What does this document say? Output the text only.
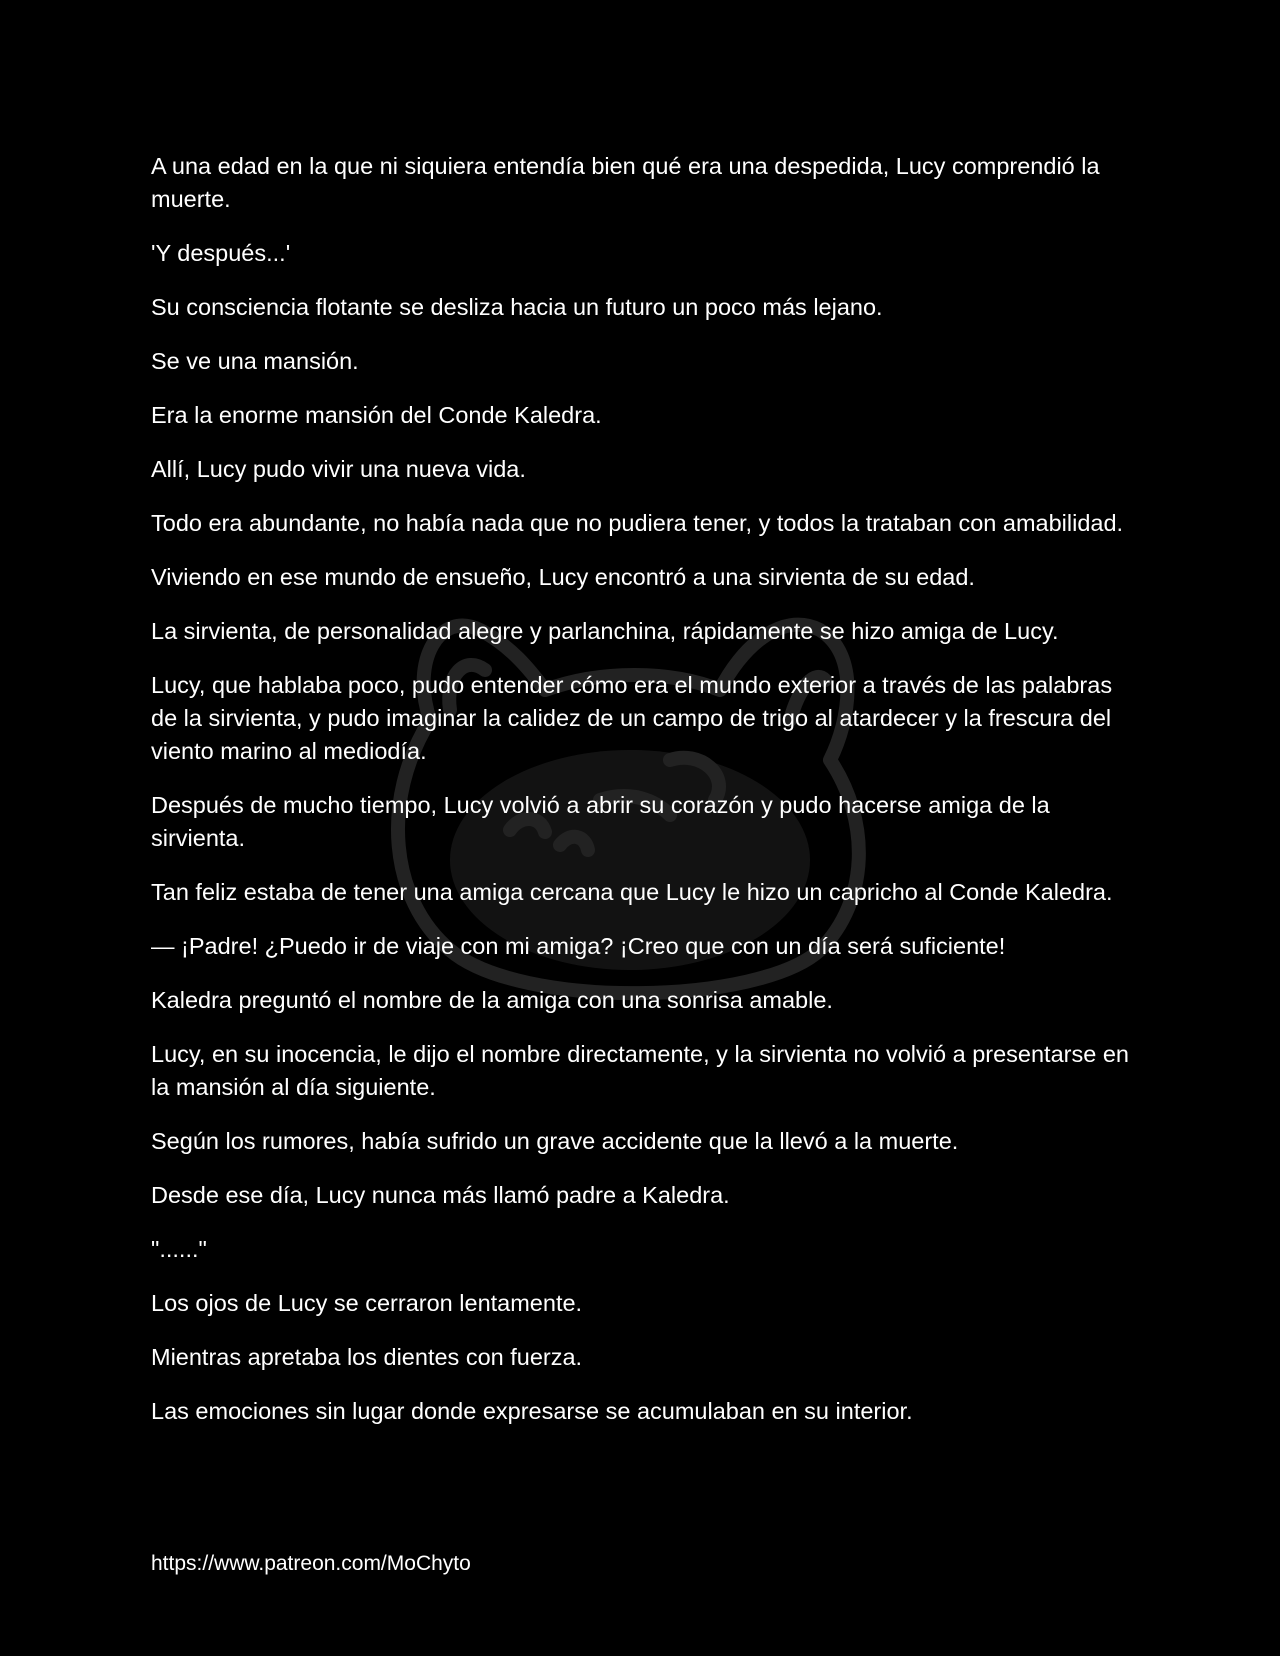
A una edad en la que ni siquiera entendía bien qué era una despedida, Lucy comprendió la muerte.

'Y después...'

Su consciencia flotante se desliza hacia un futuro un poco más lejano.

Se ve una mansión.

Era la enorme mansión del Conde Kaledra.

Allí, Lucy pudo vivir una nueva vida.

Todo era abundante, no había nada que no pudiera tener, y todos la trataban con amabilidad.

Viviendo en ese mundo de ensueño, Lucy encontró a una sirvienta de su edad.

La sirvienta, de personalidad alegre y parlanchina, rápidamente se hizo amiga de Lucy.

Lucy, que hablaba poco, pudo entender cómo era el mundo exterior a través de las palabras de la sirvienta, y pudo imaginar la calidez de un campo de trigo al atardecer y la frescura del viento marino al mediodía.

Después de mucho tiempo, Lucy volvió a abrir su corazón y pudo hacerse amiga de la sirvienta.

Tan feliz estaba de tener una amiga cercana que Lucy le hizo un capricho al Conde Kaledra.

— ¡Padre! ¿Puedo ir de viaje con mi amiga? ¡Creo que con un día será suficiente!

Kaledra preguntó el nombre de la amiga con una sonrisa amable.

Lucy, en su inocencia, le dijo el nombre directamente, y la sirvienta no volvió a presentarse en la mansión al día siguiente.

Según los rumores, había sufrido un grave accidente que la llevó a la muerte.

Desde ese día, Lucy nunca más llamó padre a Kaledra.

"......"

Los ojos de Lucy se cerraron lentamente.

Mientras apretaba los dientes con fuerza.

Las emociones sin lugar donde expresarse se acumulaban en su interior.

https://www.patreon.com/MoChyto
